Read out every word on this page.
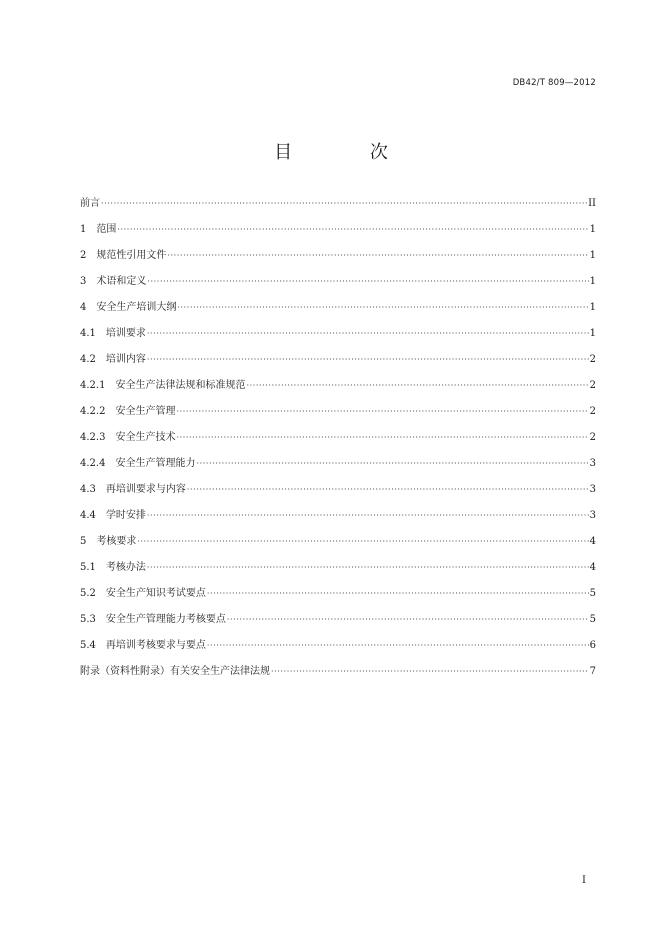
DB42/T 809—2012
目 次
前言 ·····	II
1 范围 ·····	1
2 规范性引用文件 ·····	1
3 术语和定义 ·····	1
4 安全生产培训大纲 ·····	1
4.1 培训要求 ·····	1
4.2 培训内容 ·····	2
4.2.1 安全生产法律法规和标准规范 ·····	2
4.2.2 安全生产管理 ·····	2
4.2.3 安全生产技术 ·····	2
4.2.4 安全生产管理能力 ·····	3
4.3 再培训要求与内容 ·····	3
4.4 学时安排 ·····	3
5 考核要求 ·····	4
5.1 考核办法 ·····	4
5.2 安全生产知识考试要点 ·····	5
5.3 安全生产管理能力考核要点 ·····	5
5.4 再培训考核要求与要点 ·····	6
附录（资料性附录）有关安全生产法律法规 ·····	7
I
